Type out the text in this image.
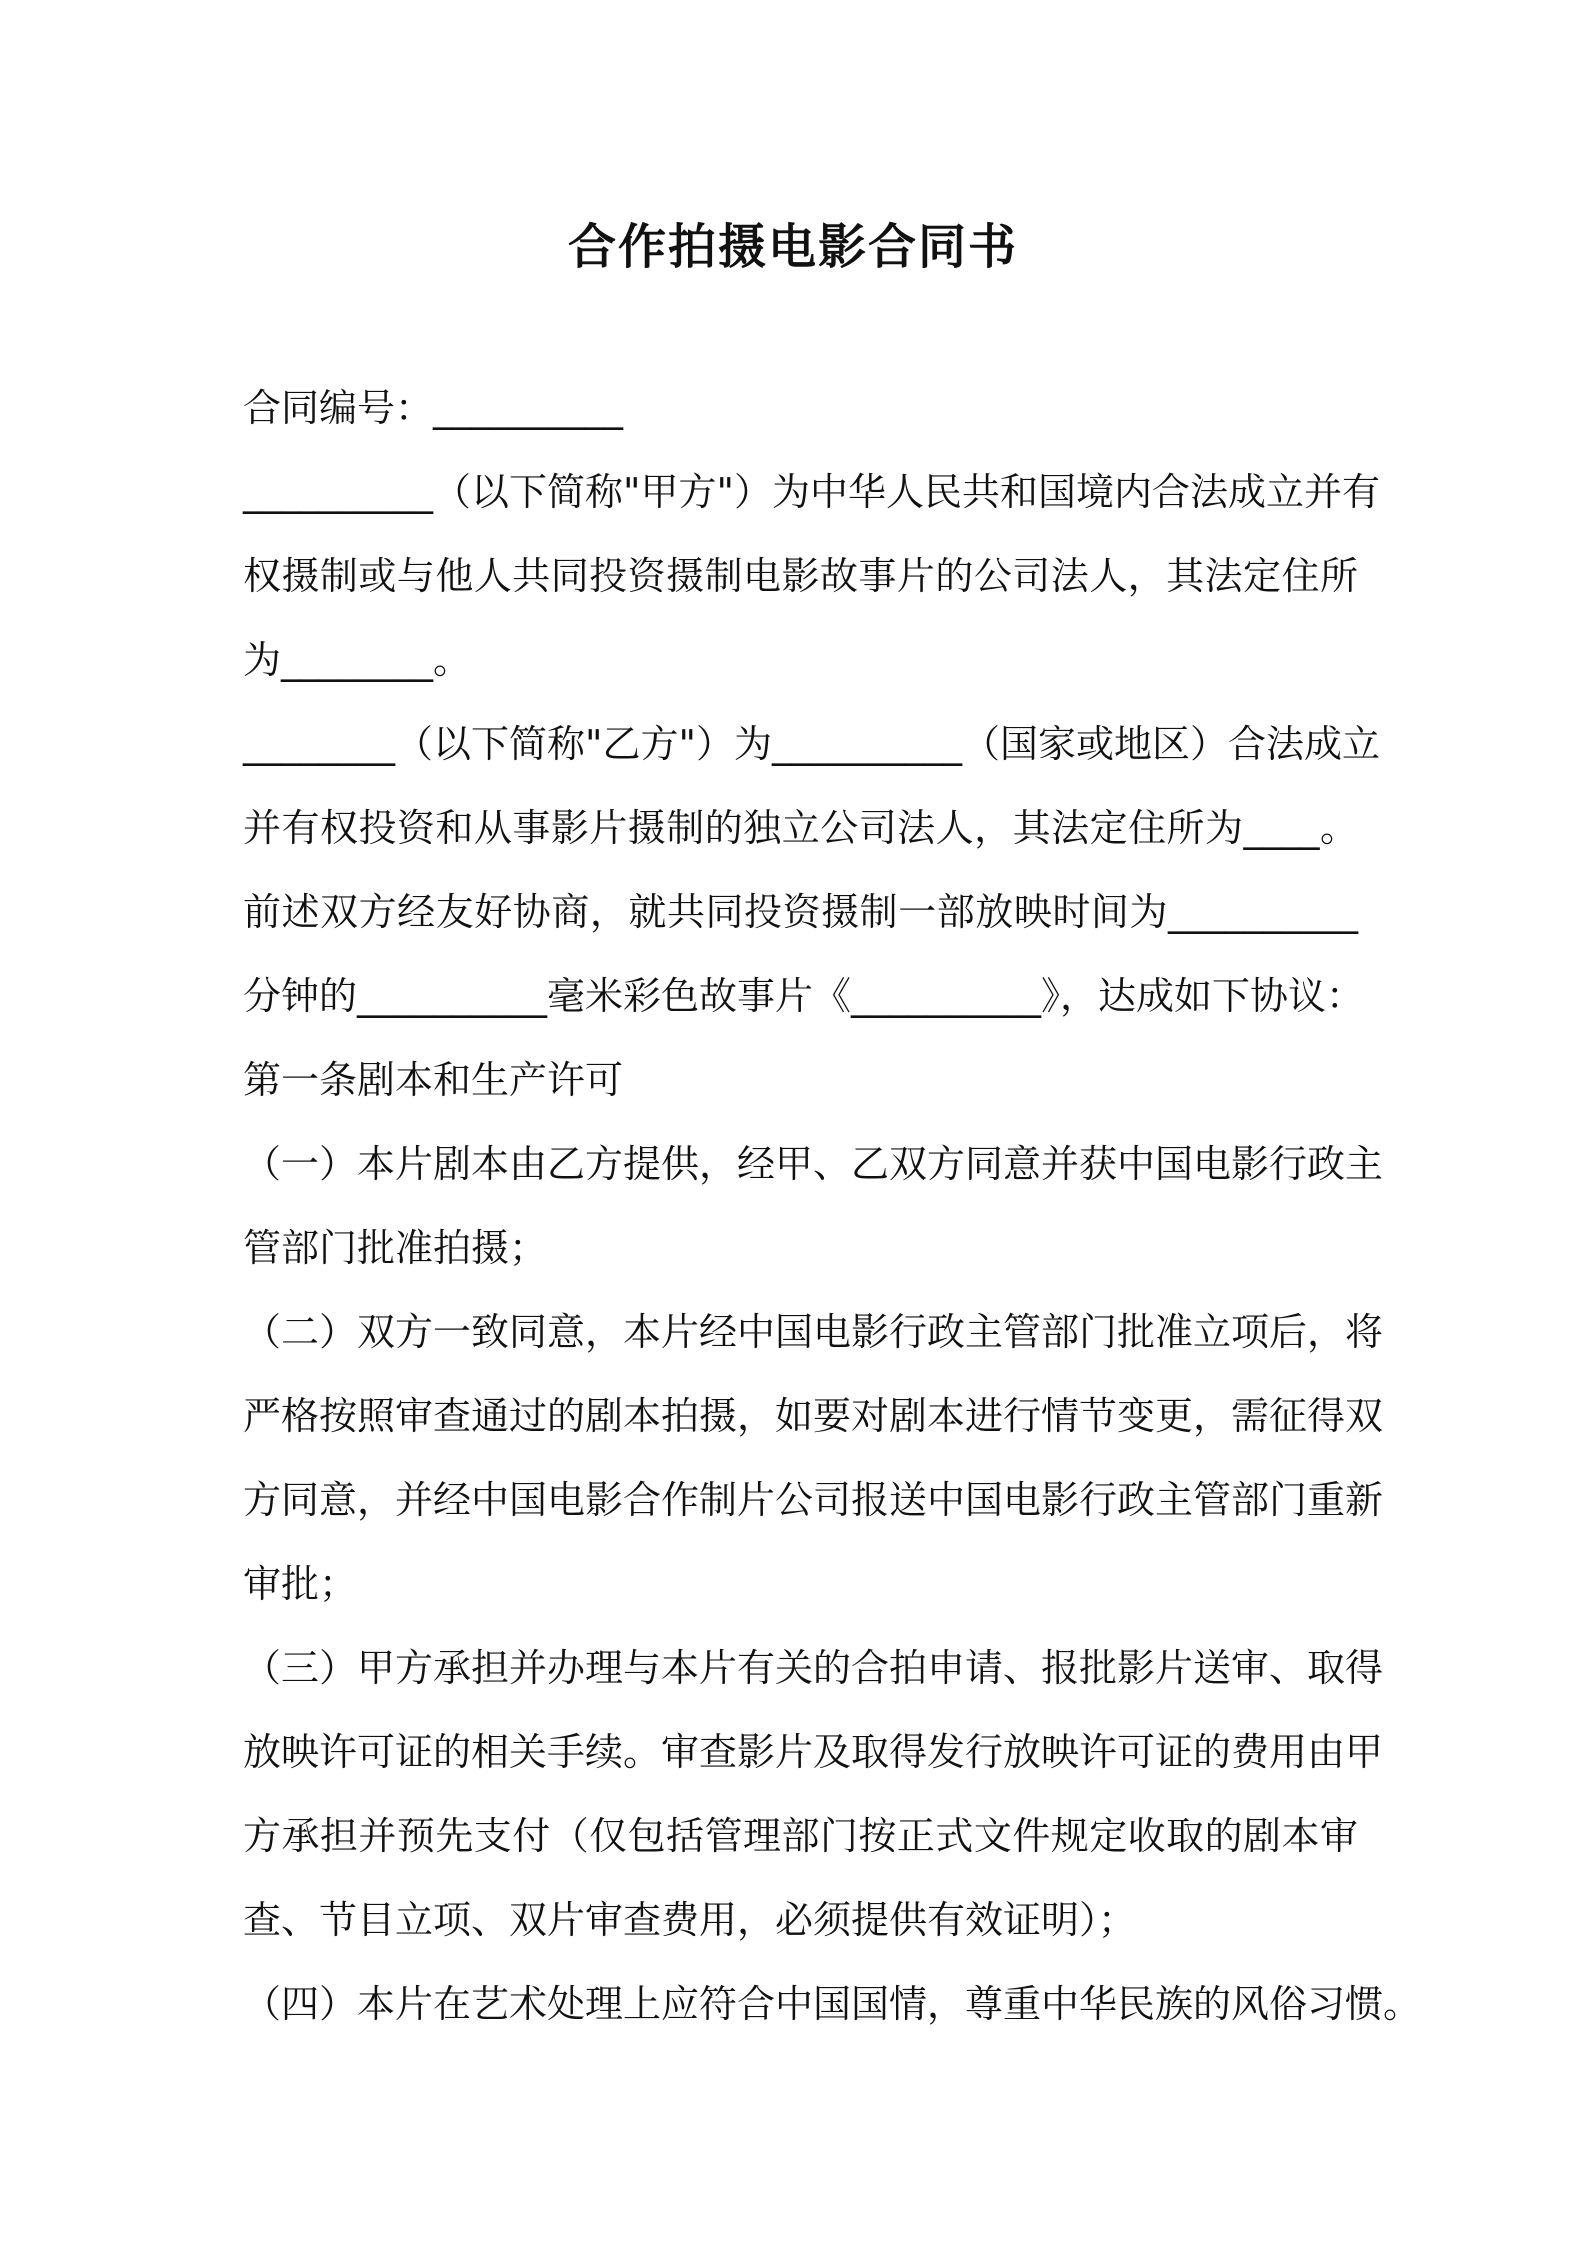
合作拍摄电影合同书

合同编号：__________

__________（以下简称"甲方"）为中华人民共和国境内合法成立并有

权摄制或与他人共同投资摄制电影故事片的公司法人，其法定住所

为________。

________（以下简称"乙方"）为__________（国家或地区）合法成立

并有权投资和从事影片摄制的独立公司法人，其法定住所为____。

前述双方经友好协商，就共同投资摄制一部放映时间为__________

分钟的__________毫米彩色故事片《__________》，达成如下协议：

第一条剧本和生产许可

（一）本片剧本由乙方提供，经甲、乙双方同意并获中国电影行政主

管部门批准拍摄；

（二）双方一致同意，本片经中国电影行政主管部门批准立项后，将

严格按照审查通过的剧本拍摄，如要对剧本进行情节变更，需征得双

方同意，并经中国电影合作制片公司报送中国电影行政主管部门重新

审批；

（三）甲方承担并办理与本片有关的合拍申请、报批影片送审、取得

放映许可证的相关手续。审查影片及取得发行放映许可证的费用由甲

方承担并预先支付（仅包括管理部门按正式文件规定收取的剧本审

查、节目立项、双片审查费用，必须提供有效证明）；

（四）本片在艺术处理上应符合中国国情，尊重中华民族的风俗习惯。
